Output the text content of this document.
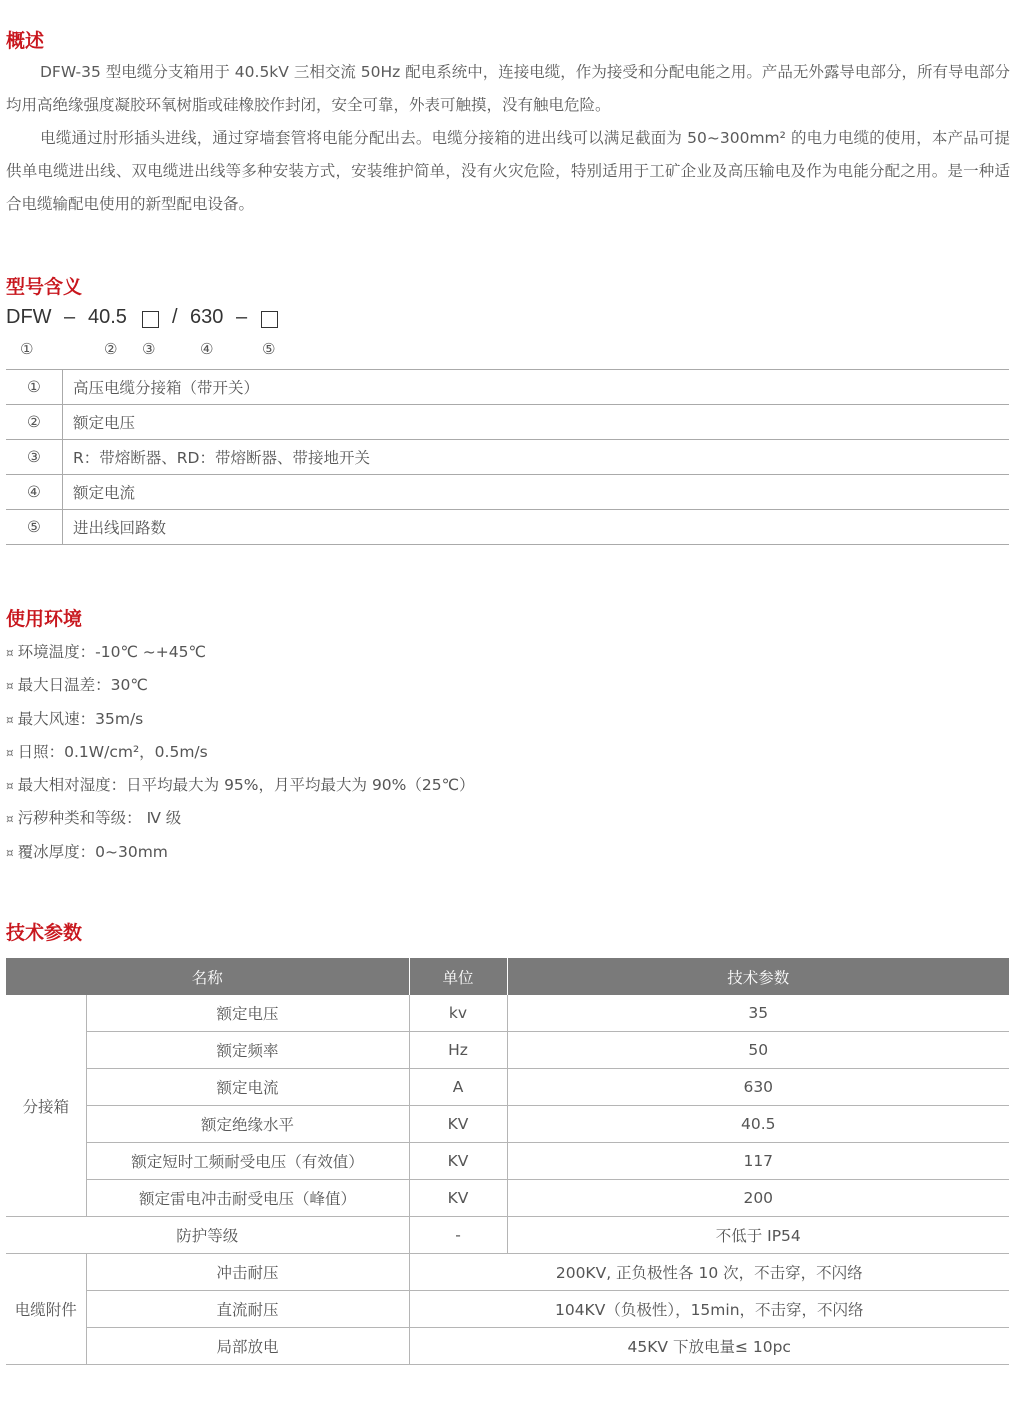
概述

DFW-35 型电缆分支箱用于 40.5kV 三相交流 50Hz 配电系统中，连接电缆，作为接受和分配电能之用。产品无外露导电部分，所有导电部分均用高绝缘强度凝胶环氧树脂或硅橡胶作封闭，安全可靠，外表可触摸，没有触电危险。

电缆通过肘形插头进线，通过穿墙套管将电能分配出去。电缆分接箱的进出线可以满足截面为 50~300mm² 的电力电缆的使用，本产品可提供单电缆进出线、双电缆进出线等多种安装方式，安装维护简单，没有火灾危险，特别适用于工矿企业及高压输电及作为电能分配之用。是一种适合电缆输配电使用的新型配电设备。

型号含义
DFW – 40.5 / 630 –
①	② ③	④	⑤
①	高压电缆分接箱（带开关）
②	额定电压
③	R：带熔断器、RD：带熔断器、带接地开关
④	额定电流
⑤	进出线回路数
使用环境
¤ 环境温度：-10℃ ~+45℃
¤ 最大日温差：30℃
¤ 最大风速：35m/s
¤ 日照：0.1W/cm²，0.5m/s
¤ 最大相对湿度：日平均最大为 95%，月平均最大为 90%（25℃）
¤ 污秽种类和等级： Ⅳ 级
¤ 覆冰厚度：0~30mm
技术参数
名称		单位	技术参数
分接箱	额定电压	kv	35
	额定频率	Hz	50
	额定电流	A	630
	额定绝缘水平	KV	40.5
	额定短时工频耐受电压（有效值）	KV	117
	额定雷电冲击耐受电压（峰值）	KV	200
防护等级		-	不低于 IP54
电缆附件	冲击耐压	200KV, 正负极性各 10 次，不击穿，不闪络	
	直流耐压	104KV（负极性），15min，不击穿，不闪络	
	局部放电	45KV 下放电量≤ 10pc	
